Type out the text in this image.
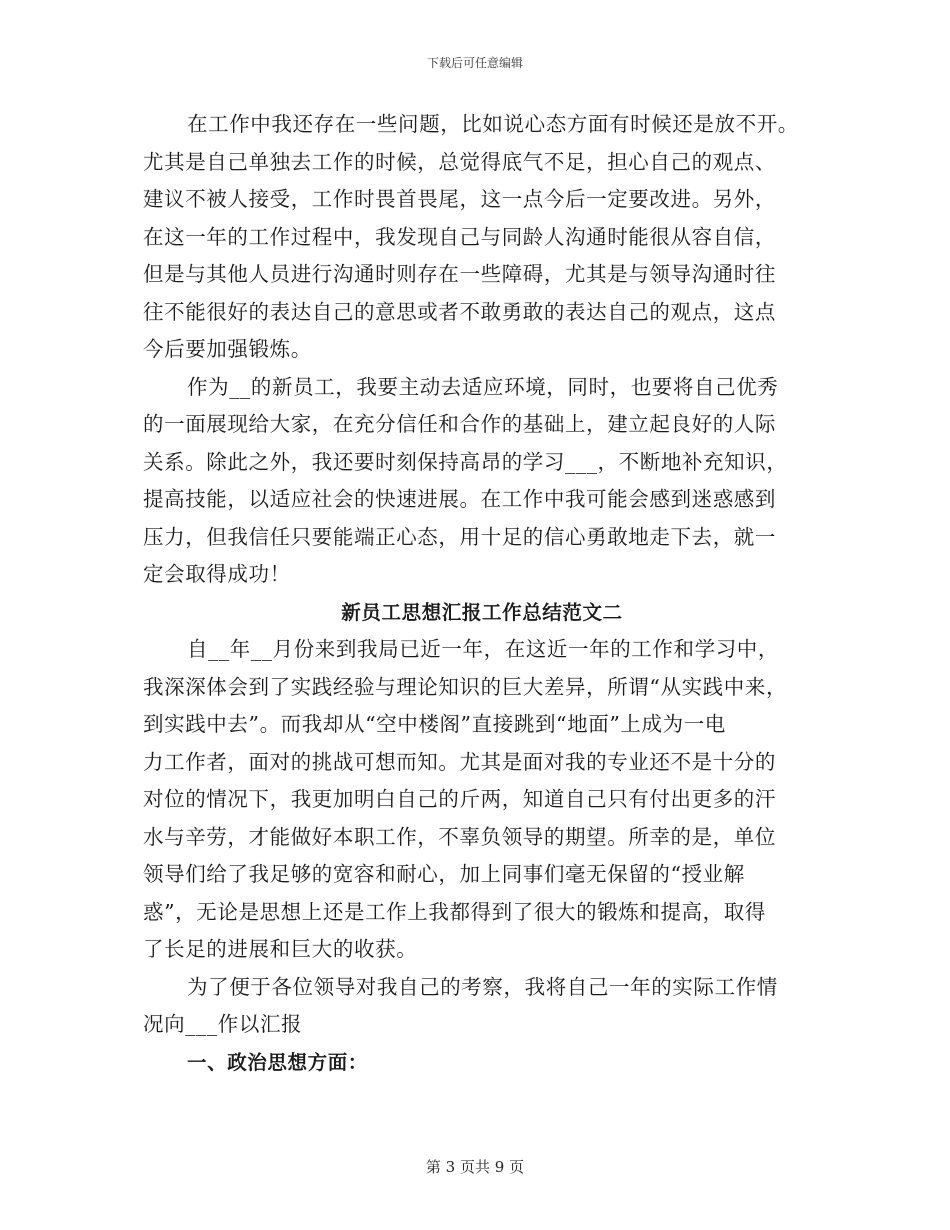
下载后可任意编辑
在工作中我还存在一些问题，比如说心态方面有时候还是放不开。
尤其是自己单独去工作的时候，总觉得底气不足，担心自己的观点、
建议不被人接受，工作时畏首畏尾，这一点今后一定要改进。另外，
在这一年的工作过程中，我发现自己与同龄人沟通时能很从容自信，
但是与其他人员进行沟通时则存在一些障碍，尤其是与领导沟通时往
往不能很好的表达自己的意思或者不敢勇敢的表达自己的观点，这点
今后要加强锻炼。
作为__的新员工，我要主动去适应环境，同时，也要将自己优秀
的一面展现给大家，在充分信任和合作的基础上，建立起良好的人际
关系。除此之外，我还要时刻保持高昂的学习___，不断地补充知识，
提高技能，以适应社会的快速进展。在工作中我可能会感到迷惑感到
压力，但我信任只要能端正心态，用十足的信心勇敢地走下去，就一
定会取得成功！
新员工思想汇报工作总结范文二
自__年__月份来到我局已近一年，在这近一年的工作和学习中，
我深深体会到了实践经验与理论知识的巨大差异，所谓“从实践中来，
到实践中去”。而我却从“空中楼阁”直接跳到“地面”上成为一电
力工作者，面对的挑战可想而知。尤其是面对我的专业还不是十分的
对位的情况下，我更加明白自己的斤两，知道自己只有付出更多的汗
水与辛劳，才能做好本职工作，不辜负领导的期望。所幸的是，单位
领导们给了我足够的宽容和耐心，加上同事们毫无保留的“授业解
惑”，无论是思想上还是工作上我都得到了很大的锻炼和提高，取得
了长足的进展和巨大的收获。
为了便于各位领导对我自己的考察，我将自己一年的实际工作情
况向___作以汇报
一、政治思想方面：
第 3 页共 9 页
